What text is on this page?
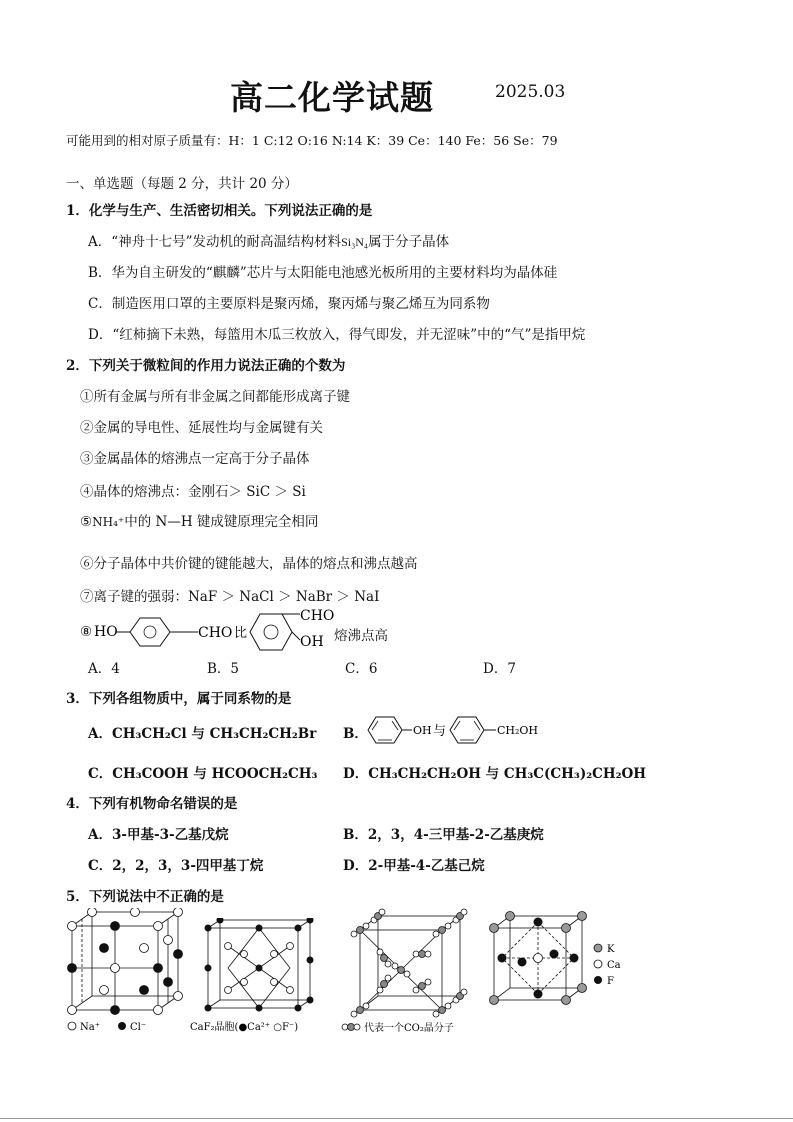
高二化学试题	2025.03
可能用到的相对原子质量有：H：1 C:12 O:16 N:14 K：39 Ce：140 Fe：56 Se：79
一、单选题（每题 2 分，共计 20 分）
1．化学与生产、生活密切相关。下列说法正确的是
A．“神舟十七号”发动机的耐高温结构材料Si₃N₄属于分子晶体
B．华为自主研发的“麒麟”芯片与太阳能电池感光板所用的主要材料均为晶体硅
C．制造医用口罩的主要原料是聚丙烯，聚丙烯与聚乙烯互为同系物
D．“红柿摘下未熟，每篮用木瓜三枚放入，得气即发，并无涩味”中的“气”是指甲烷
2．下列关于微粒间的作用力说法正确的个数为
①所有金属与所有非金属之间都能形成离子键
②金属的导电性、延展性均与金属键有关
③金属晶体的熔沸点一定高于分子晶体
④晶体的熔沸点：金刚石＞ SiC ＞ Si
⑤NH₄⁺中的 N—H 键成键原理完全相同
⑥分子晶体中共价键的键能越大，晶体的熔点和沸点越高
⑦离子键的强弱：NaF ＞ NaCl ＞ NaBr ＞ NaI
⑧ HO	CHO 比
CHO
OH 熔沸点高
A．4	B．5	C．6	D．7
3．下列各组物质中，属于同系物的是
A．CH₃CH₂Cl 与 CH₃CH₂CH₂Br B．	OH 与	CH₂OH
C．CH₃COOH 与 HCOOCH₂CH₃ D．CH₃CH₂CH₂OH 与 CH₃C(CH₃)₂CH₂OH
4．下列有机物命名错误的是
A．3-甲基-3-乙基戊烷	B．2，3，4-三甲基-2-乙基庚烷
C．2，2，3，3-四甲基丁烷	D．2-甲基-4-乙基己烷
5．下列说法中不正确的是
Na⁺	Cl⁻	CaF₂晶胞(●Ca²⁺ ○F⁻)	代表一个CO₂晶分子
K
Ca
F
